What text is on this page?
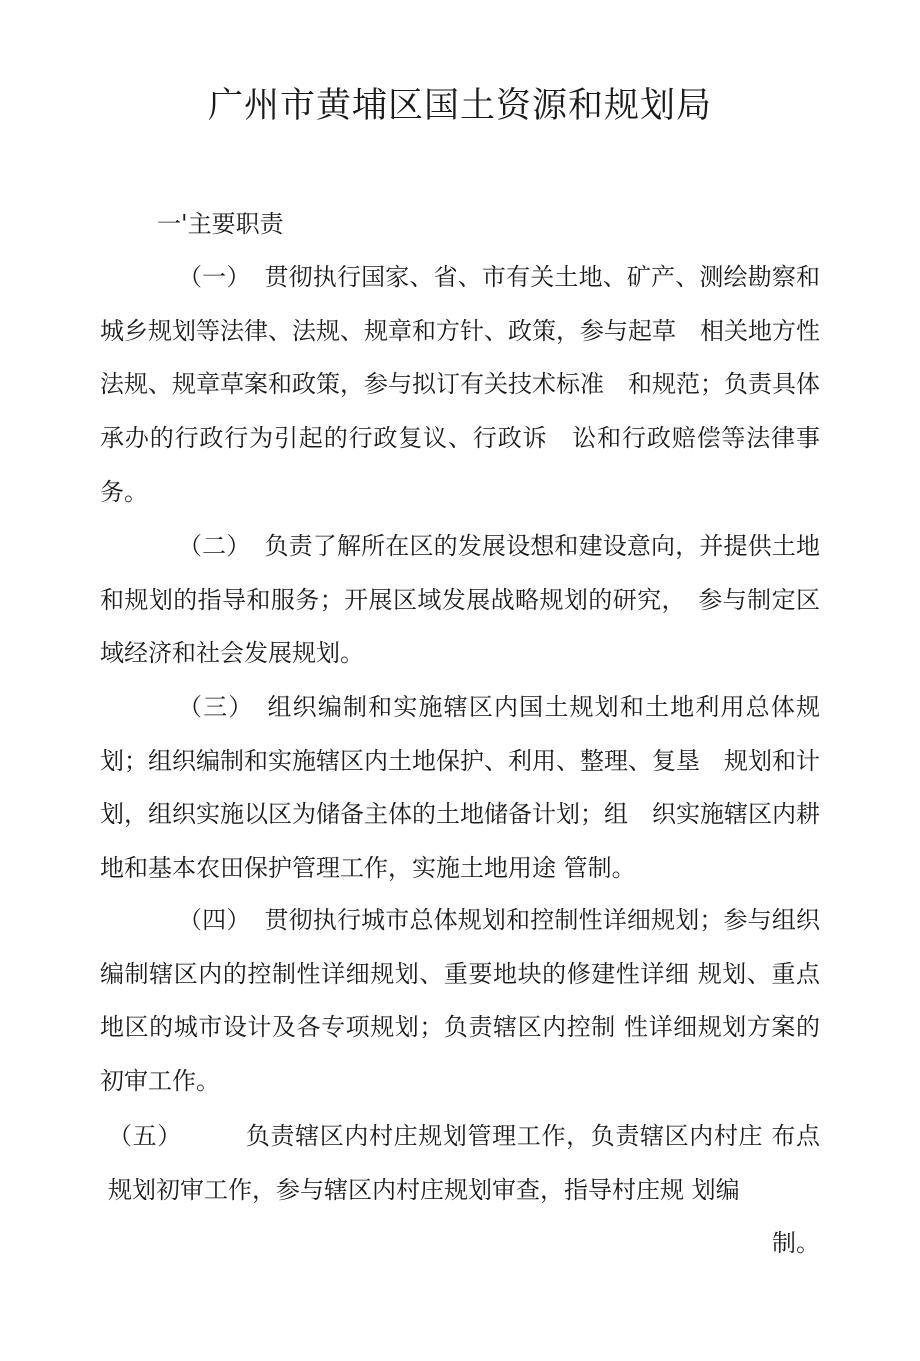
广州市黄埔区国土资源和规划局
一'主要职责
（一） 贯彻执行国家、省、市有关土地、矿产、测绘勘察和城乡规划等法律、法规、规章和方针、政策，参与起草　相关地方性法规、规章草案和政策，参与拟订有关技术标准　和规范；负责具体承办的行政行为引起的行政复议、行政诉　讼和行政赔偿等法律事务。
（二） 负责了解所在区的发展设想和建设意向，并提供土地和规划的指导和服务；开展区域发展战略规划的研究，　参与制定区域经济和社会发展规划。
（三） 组织编制和实施辖区内国土规划和土地利用总体规划；组织编制和实施辖区内土地保护、利用、整理、复垦　规划和计划，组织实施以区为储备主体的土地储备计划；组　织实施辖区内耕地和基本农田保护管理工作，实施土地用途 管制。
（四） 贯彻执行城市总体规划和控制性详细规划；参与组织编制辖区内的控制性详细规划、重要地块的修建性详细 规划、重点地区的城市设计及各专项规划；负责辖区内控制 性详细规划方案的初审工作。
（五）	负责辖区内村庄规划管理工作，负责辖区内村庄 布点规划初审工作，参与辖区内村庄规划审查，指导村庄规 划编
制。
